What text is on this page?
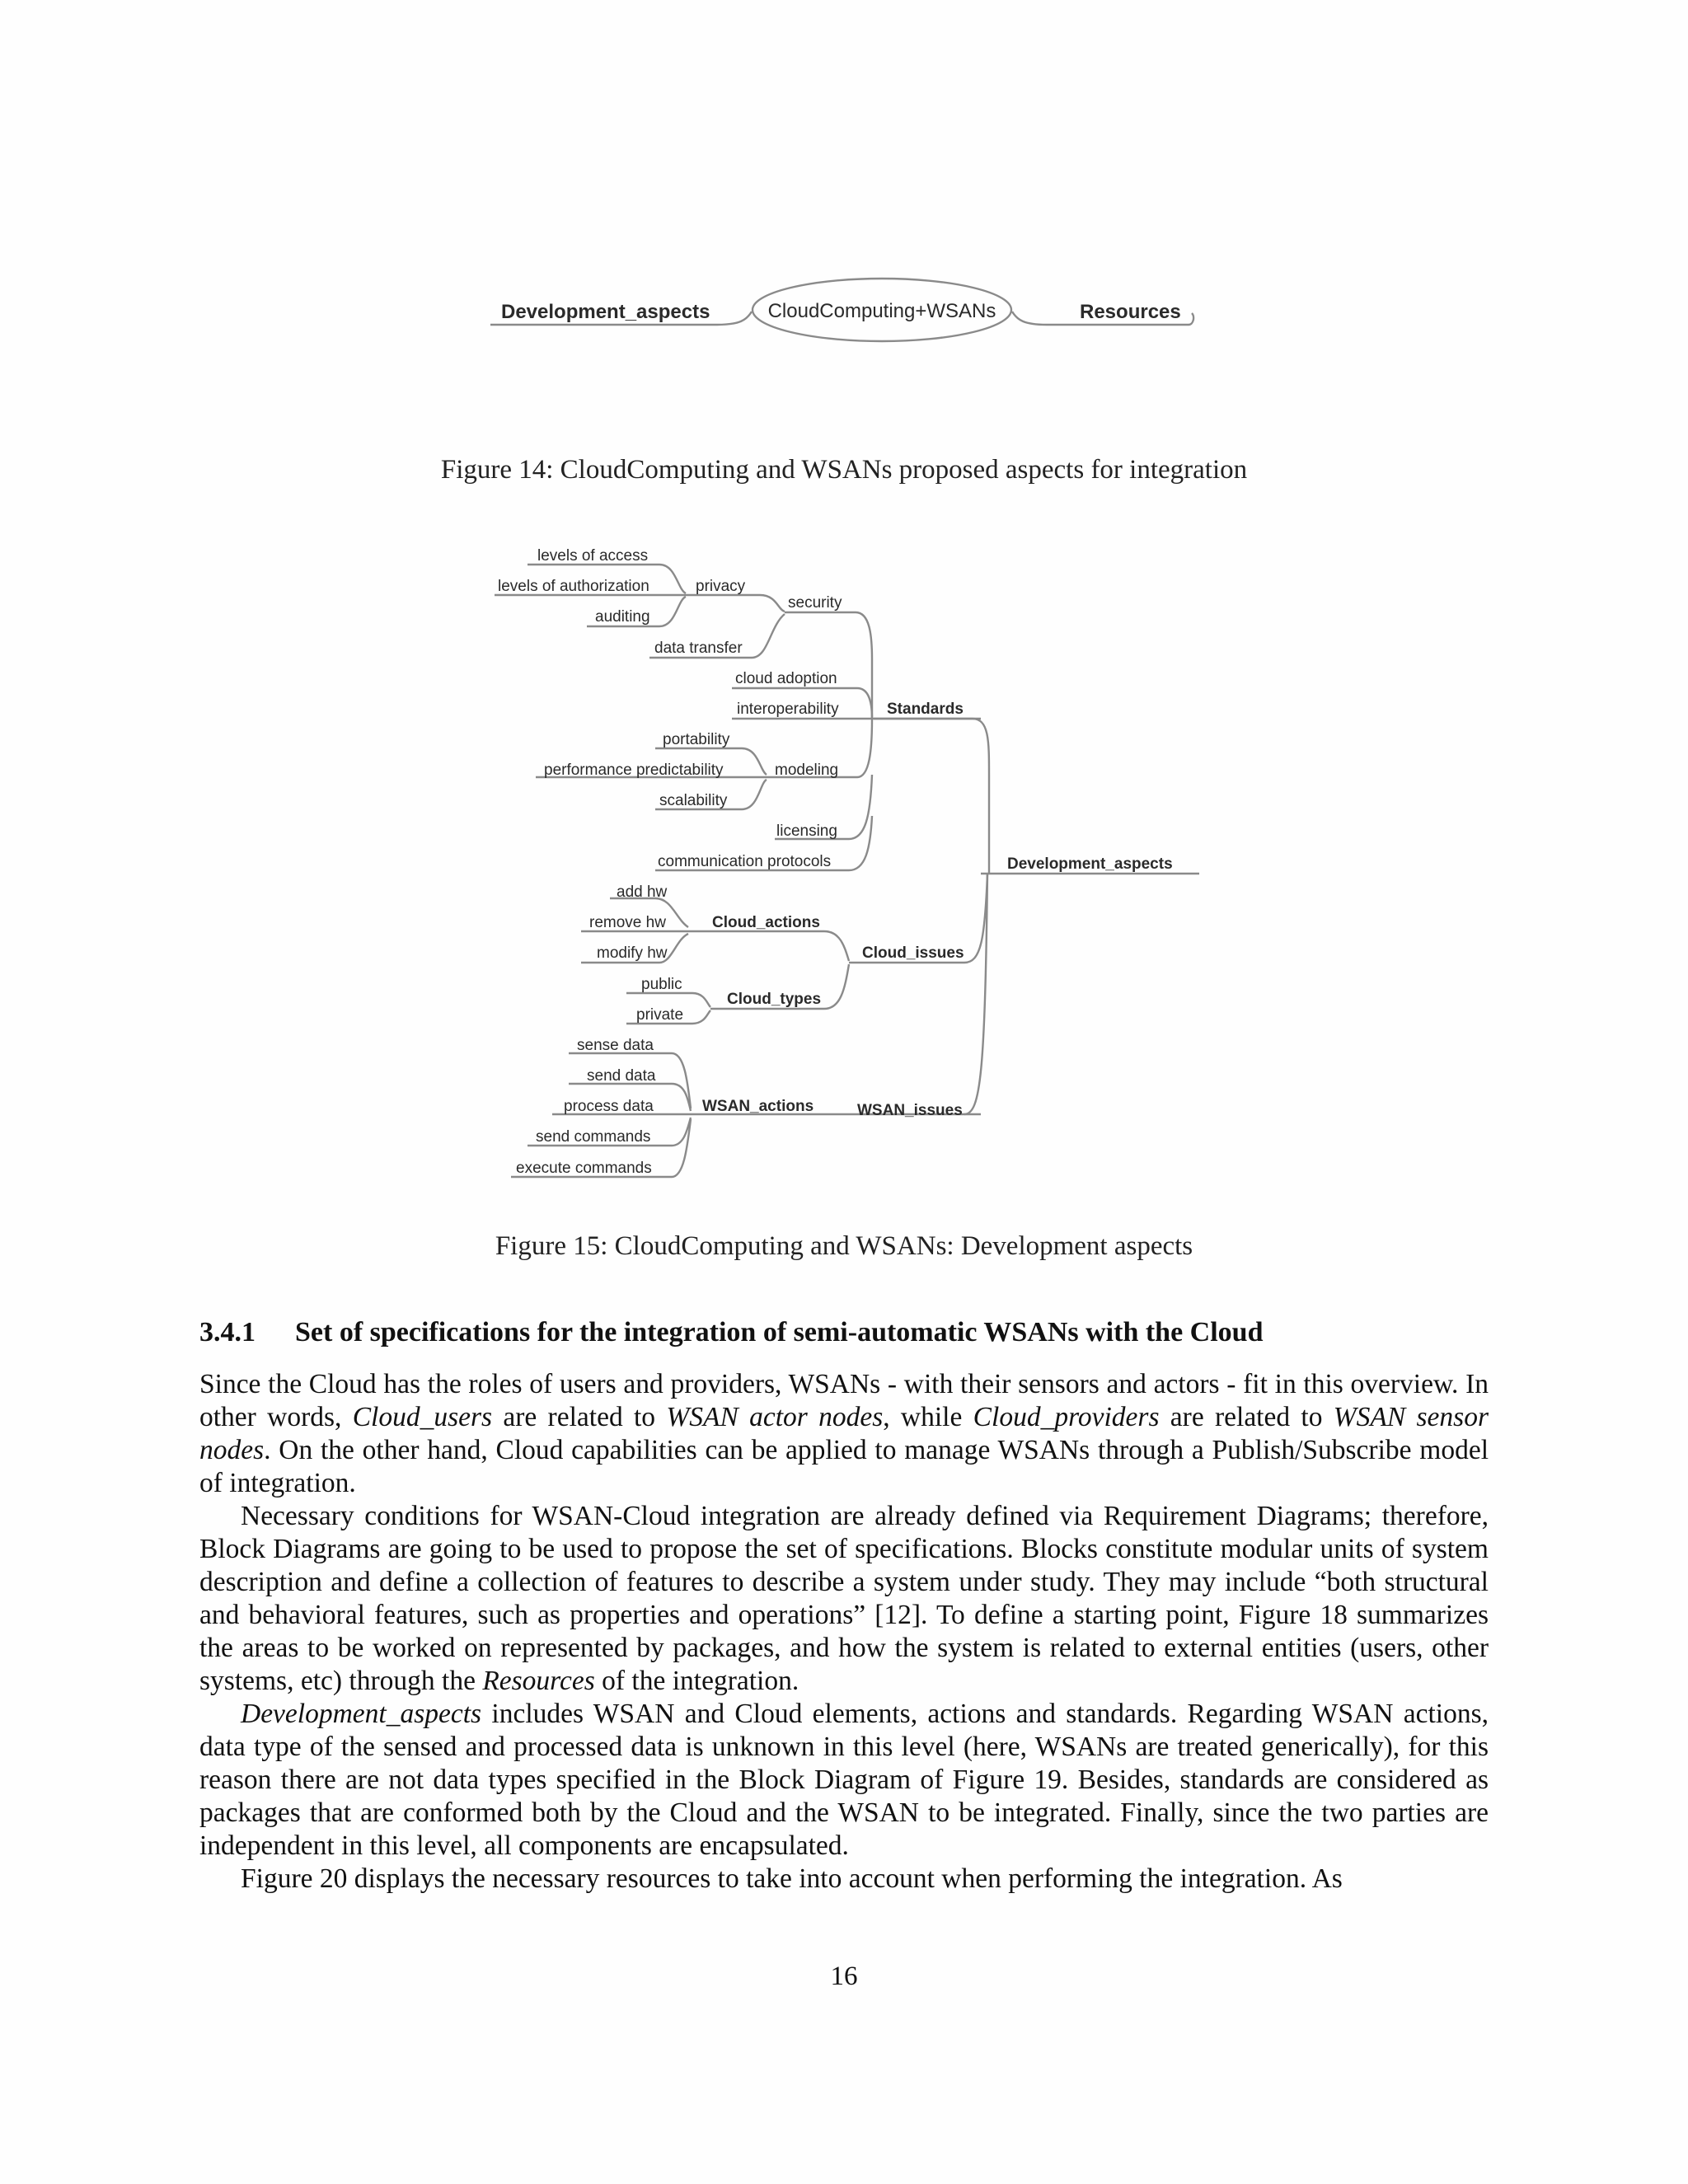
Development_aspects	CloudComputing+WSANs	Resources
Figure 14: CloudComputing and WSANs proposed aspects for integration
levels of access
levels of authorization
auditing
privacy
security
data transfer
cloud adoption
interoperability	Standards
portability
performance predictability	modeling
scalability
licensing
communication protocols	Development_aspects
add hw
remove hw	Cloud_actions
modify hw	Cloud_issues
public
Cloud_types
private
sense data
send data
process data	WSAN_actions	WSAN_issues
send commands
execute commands
Figure 15: CloudComputing and WSANs: Development aspects
3.4.1 Set of specifications for the integration of semi-automatic WSANs with the Cloud

Since the Cloud has the roles of users and providers, WSANs - with their sensors and actors - fit in this overview. In other words, Cloud_users are related to WSAN actor nodes, while Cloud_providers are related to WSAN sensor nodes. On the other hand, Cloud capabilities can be applied to manage WSANs through a Publish/Subscribe model of integration.

Necessary conditions for WSAN-Cloud integration are already defined via Requirement Diagrams; therefore, Block Diagrams are going to be used to propose the set of specifications. Blocks constitute modular units of system description and define a collection of features to describe a system under study. They may include “both structural and behavioral features, such as properties and operations” [12]. To define a starting point, Figure 18 summarizes the areas to be worked on represented by packages, and how the system is related to external entities (users, other systems, etc) through the Resources of the integration.

Development_aspects includes WSAN and Cloud elements, actions and standards. Regarding WSAN actions, data type of the sensed and processed data is unknown in this level (here, WSANs are treated generically), for this reason there are not data types specified in the Block Diagram of Figure 19. Besides, standards are considered as packages that are conformed both by the Cloud and the WSAN to be integrated. Finally, since the two parties are independent in this level, all components are encapsulated.

Figure 20 displays the necessary resources to take into account when performing the integration. As

16
